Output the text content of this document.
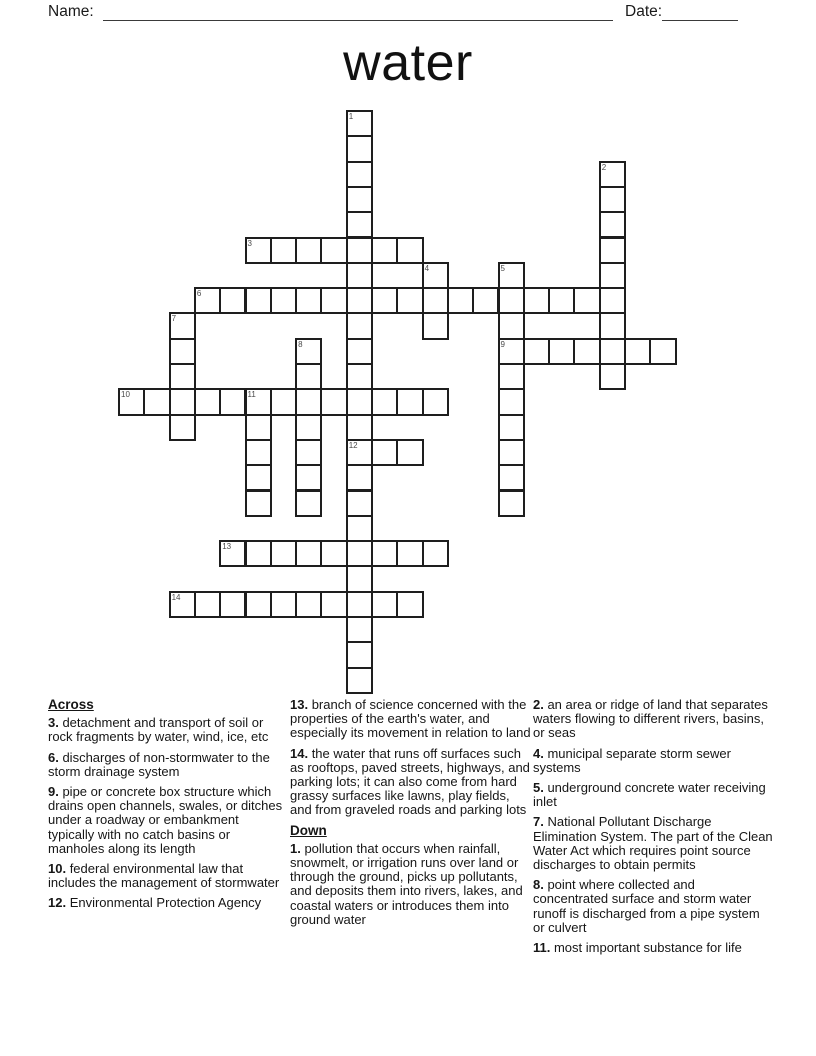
Name:	Date:
water
1
12
2
3
4	5
9
6
7
8
10	11
13
14
Across

3. detachment and transport of soil or rock fragments by water, wind, ice, etc

6. discharges of non-stormwater to the storm drainage system

9. pipe or concrete box structure which drains open channels, swales, or ditches under a roadway or embankment typically with no catch basins or manholes along its length

10. federal environmental law that includes the management of stormwater

12. Environmental Protection Agency

13. branch of science concerned with the properties of the earth's water, and especially its movement in relation to land

14. the water that runs off surfaces such as rooftops, paved streets, highways, and parking lots; it can also come from hard grassy surfaces like lawns, play fields, and from graveled roads and parking lots

Down

1. pollution that occurs when rainfall, snowmelt, or irrigation runs over land or through the ground, picks up pollutants, and deposits them into rivers, lakes, and coastal waters or introduces them into ground water

2. an area or ridge of land that separates waters flowing to different rivers, basins, or seas

4. municipal separate storm sewer systems

5. underground concrete water receiving inlet

7. National Pollutant Discharge Elimination System. The part of the Clean Water Act which requires point source discharges to obtain permits

8. point where collected and concentrated surface and storm water runoff is discharged from a pipe system or culvert

11. most important substance for life
